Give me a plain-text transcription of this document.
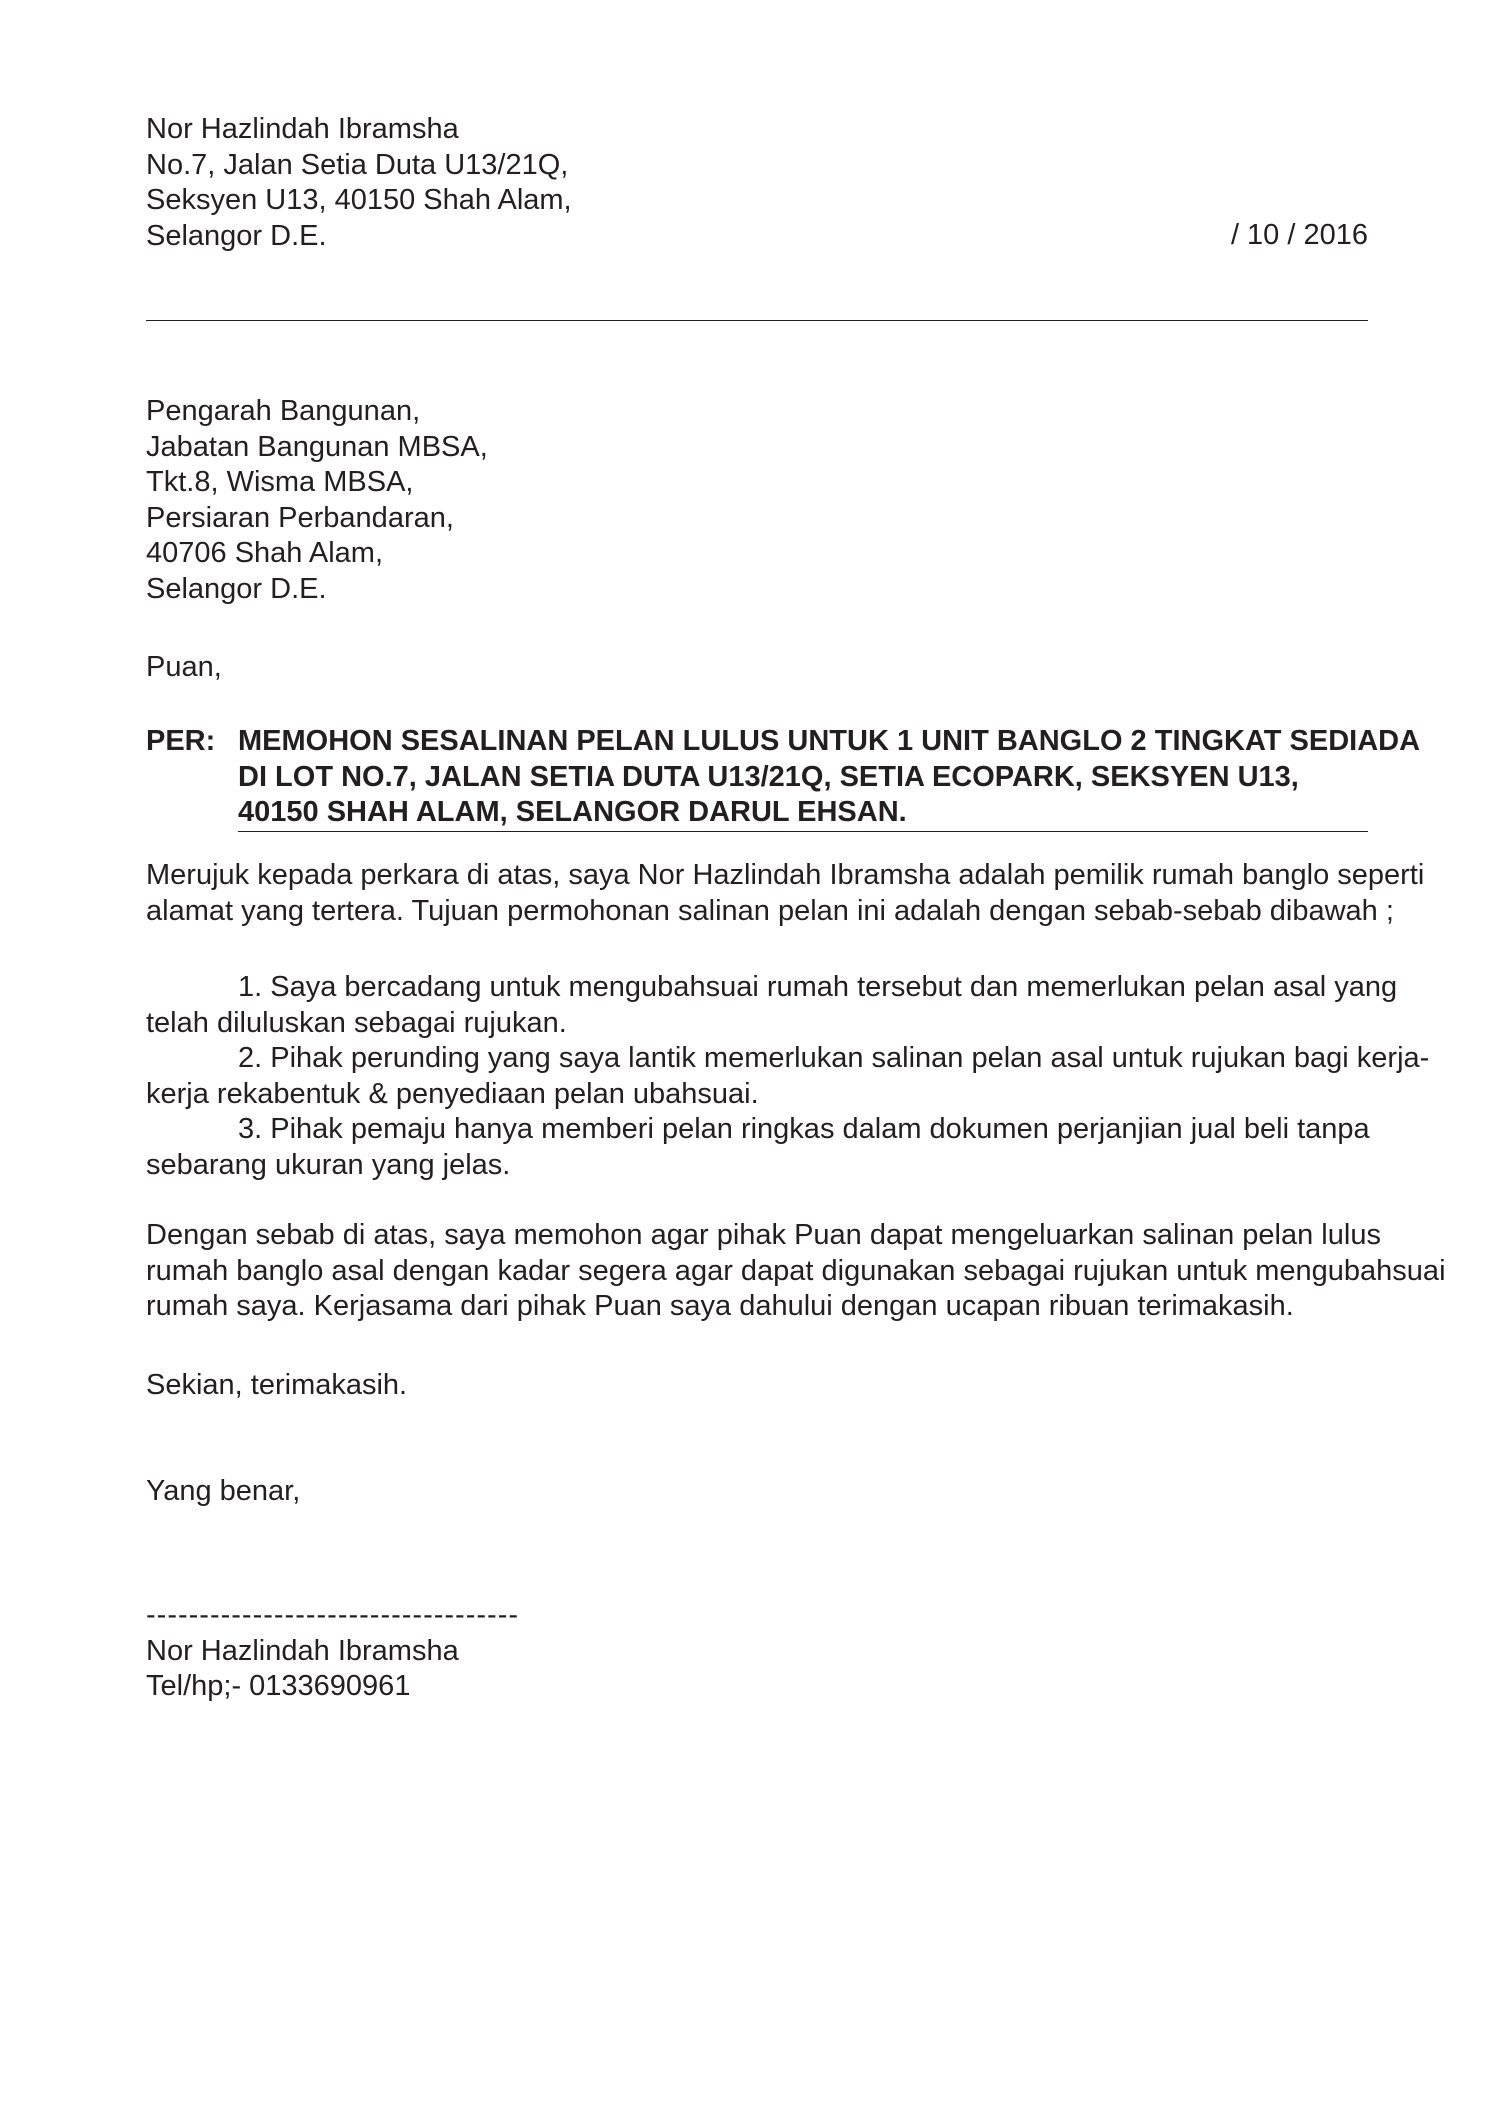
Nor Hazlindah Ibramsha
No.7, Jalan Setia Duta U13/21Q,
Seksyen U13, 40150 Shah Alam,
Selangor D.E.	/ 10 / 2016
Pengarah Bangunan,
Jabatan Bangunan MBSA,
Tkt.8, Wisma MBSA,
Persiaran Perbandaran,
40706 Shah Alam,
Selangor D.E.
Puan,
PER: MEMOHON SESALINAN PELAN LULUS UNTUK 1 UNIT BANGLO 2 TINGKAT SEDIADA
DI LOT NO.7, JALAN SETIA DUTA U13/21Q, SETIA ECOPARK, SEKSYEN U13,
40150 SHAH ALAM, SELANGOR DARUL EHSAN.
Merujuk kepada perkara di atas, saya Nor Hazlindah Ibramsha adalah pemilik rumah banglo seperti
alamat yang tertera. Tujuan permohonan salinan pelan ini adalah dengan sebab-sebab dibawah ;
1. Saya bercadang untuk mengubahsuai rumah tersebut dan memerlukan pelan asal yang
telah diluluskan sebagai rujukan.
2. Pihak perunding yang saya lantik memerlukan salinan pelan asal untuk rujukan bagi kerja-
kerja rekabentuk & penyediaan pelan ubahsuai.
3. Pihak pemaju hanya memberi pelan ringkas dalam dokumen perjanjian jual beli tanpa
sebarang ukuran yang jelas.
Dengan sebab di atas, saya memohon agar pihak Puan dapat mengeluarkan salinan pelan lulus
rumah banglo asal dengan kadar segera agar dapat digunakan sebagai rujukan untuk mengubahsuai
rumah saya. Kerjasama dari pihak Puan saya dahului dengan ucapan ribuan terimakasih.
Sekian, terimakasih.
Yang benar,
-----------------------------------
Nor Hazlindah Ibramsha
Tel/hp;- 0133690961
